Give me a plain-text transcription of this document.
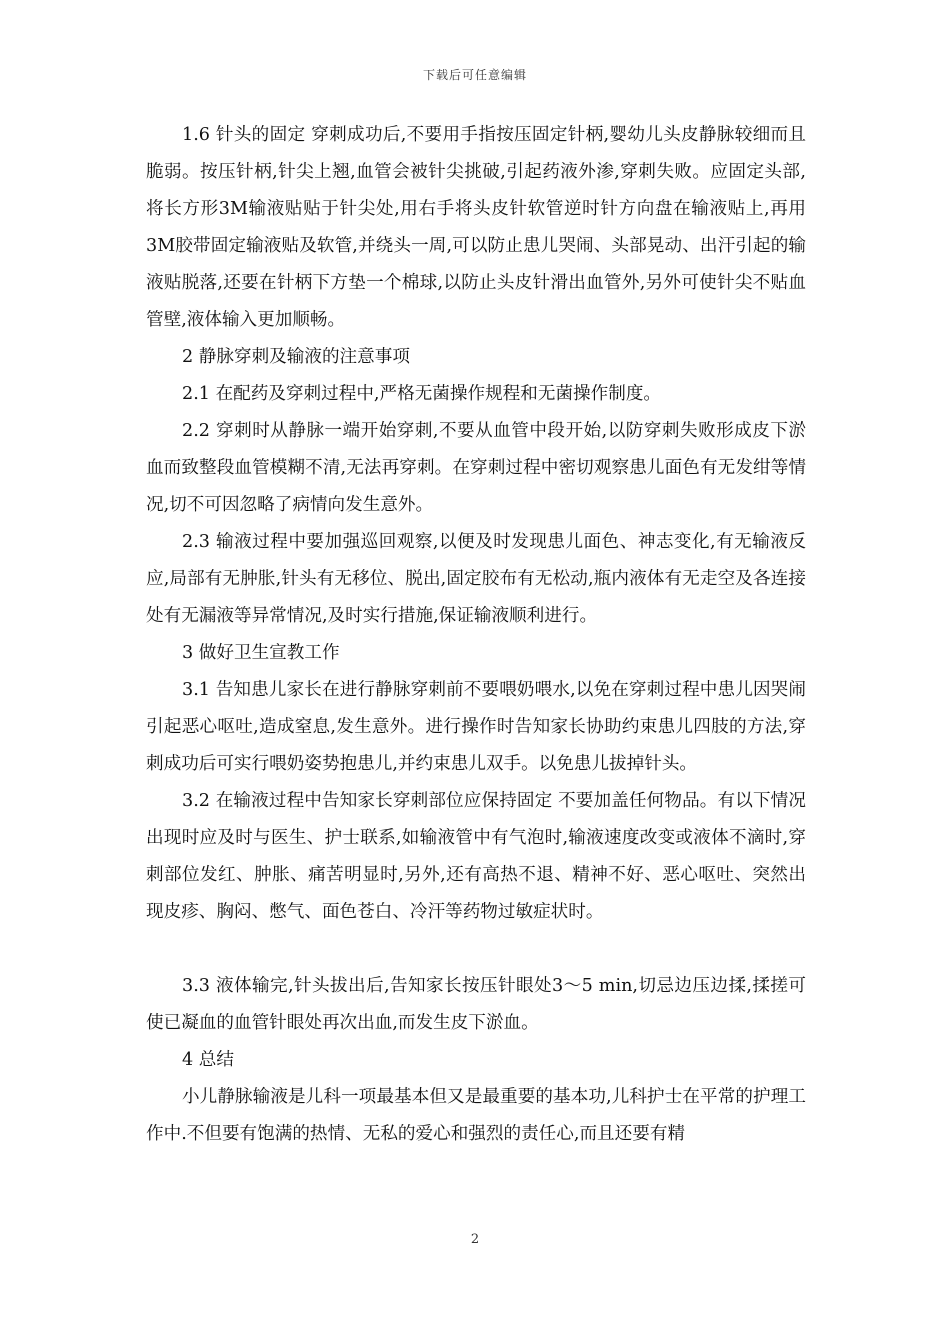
下载后可任意编辑

1.6 针头的固定 穿刺成功后,不要用手指按压固定针柄,婴幼儿头皮静脉较细而且脆弱。按压针柄,针尖上翘,血管会被针尖挑破,引起药液外渗,穿刺失败。应固定头部,将长方形3M输液贴贴于针尖处,用右手将头皮针软管逆时针方向盘在输液贴上,再用3M胶带固定输液贴及软管,并绕头一周,可以防止患儿哭闹、头部晃动、出汗引起的输液贴脱落,还要在针柄下方垫一个棉球,以防止头皮针滑出血管外,另外可使针尖不贴血管壁,液体输入更加顺畅。

2 静脉穿刺及输液的注意事项

2.1 在配药及穿刺过程中,严格无菌操作规程和无菌操作制度。

2.2 穿刺时从静脉一端开始穿刺,不要从血管中段开始,以防穿刺失败形成皮下淤血而致整段血管模糊不清,无法再穿刺。在穿刺过程中密切观察患儿面色有无发绀等情况,切不可因忽略了病情向发生意外。

2.3 输液过程中要加强巡回观察,以便及时发现患儿面色、神志变化,有无输液反应,局部有无肿胀,针头有无移位、脱出,固定胶布有无松动,瓶内液体有无走空及各连接处有无漏液等异常情况,及时实行措施,保证输液顺利进行。

3 做好卫生宣教工作

3.1 告知患儿家长在进行静脉穿刺前不要喂奶喂水,以免在穿刺过程中患儿因哭闹引起恶心呕吐,造成窒息,发生意外。进行操作时告知家长协助约束患儿四肢的方法,穿刺成功后可实行喂奶姿势抱患儿,并约束患儿双手。以免患儿拔掉针头。

3.2 在输液过程中告知家长穿刺部位应保持固定 不要加盖任何物品。有以下情况出现时应及时与医生、护士联系,如输液管中有气泡时,输液速度改变或液体不滴时,穿刺部位发红、肿胀、痛苦明显时,另外,还有高热不退、精神不好、恶心呕吐、突然出现皮疹、胸闷、憋气、面色苍白、冷汗等药物过敏症状时。

3.3 液体输完,针头拔出后,告知家长按压针眼处3～5 min,切忌边压边揉,揉搓可使已凝血的血管针眼处再次出血,而发生皮下淤血。

4 总结

小儿静脉输液是儿科一项最基本但又是最重要的基本功,儿科护士在平常的护理工作中.不但要有饱满的热情、无私的爱心和强烈的责任心,而且还要有精

2
